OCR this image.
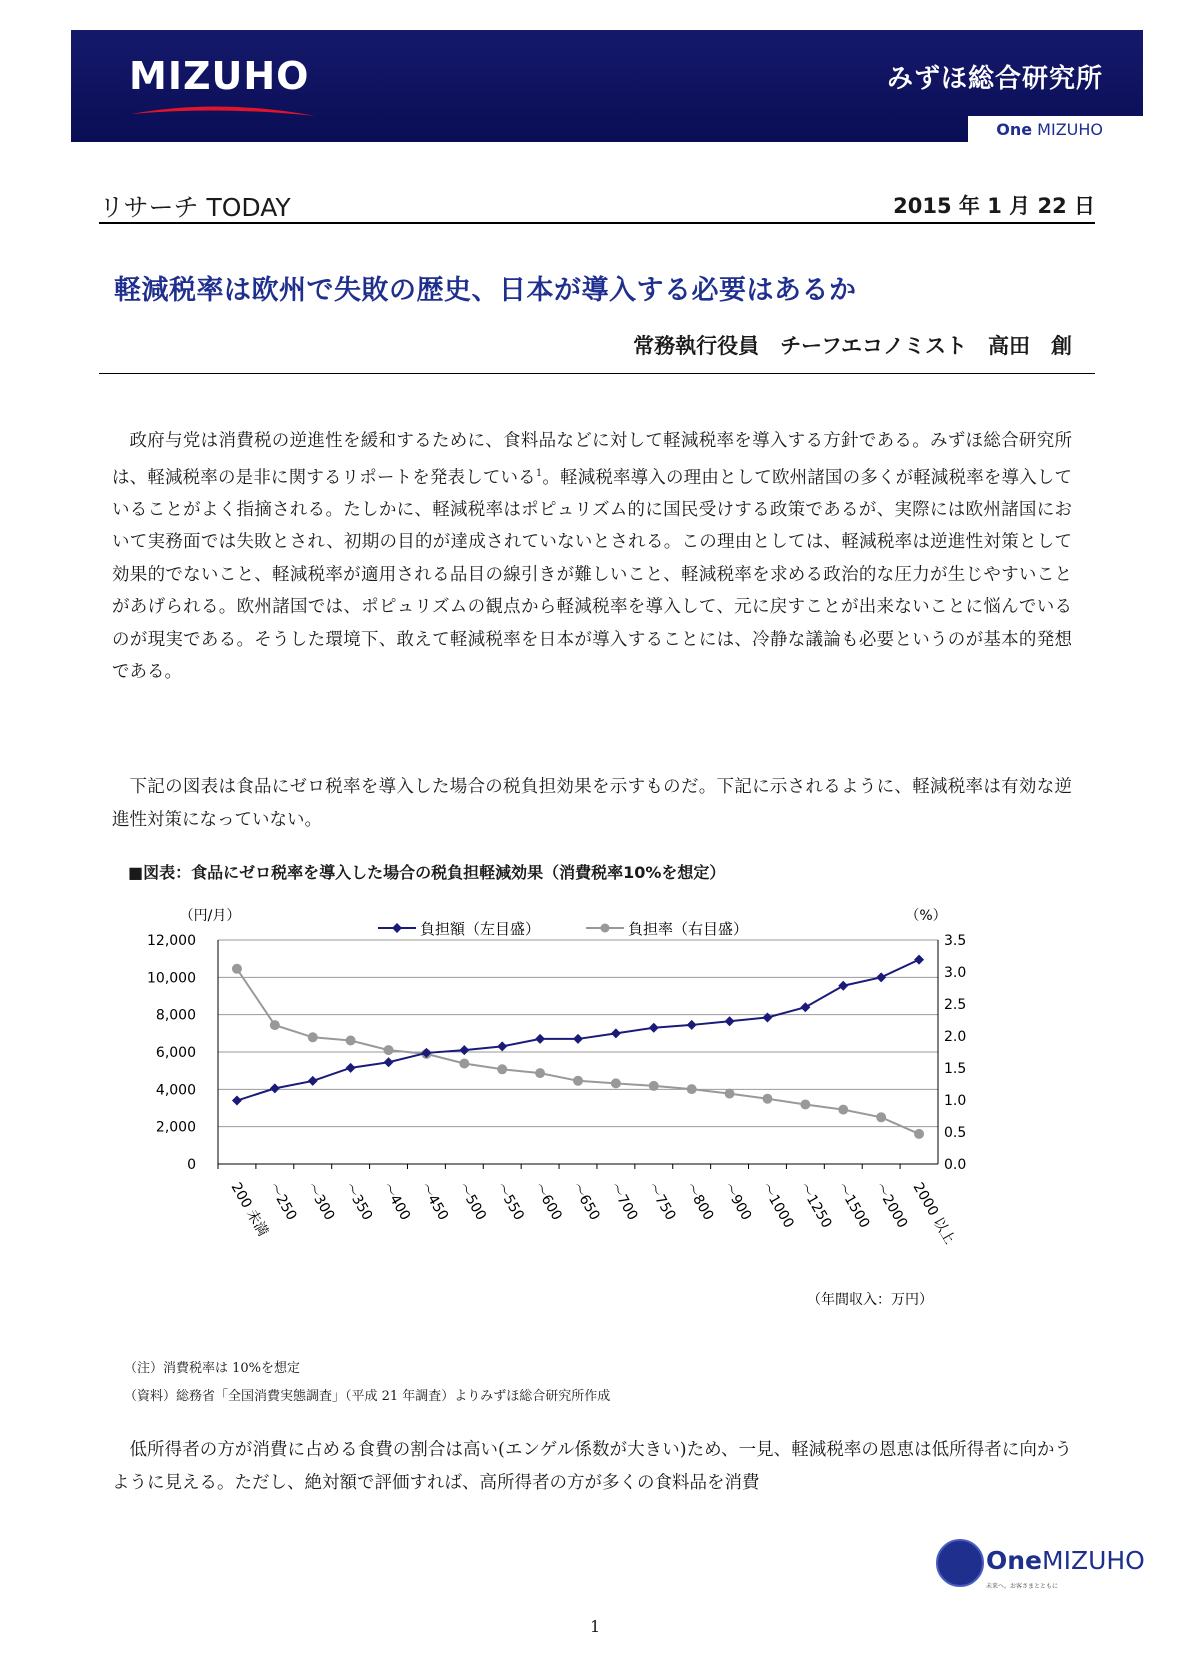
MIZUHO	みずほ総合研究所
One MIZUHO
リサーチ TODAY	2015 年 1 月 22 日
軽減税率は欧州で失敗の歴史、日本が導入する必要はあるか
常務執行役員　チーフエコノミスト　高田　創

政府与党は消費税の逆進性を緩和するために、食料品などに対して軽減税率を導入する方針である。みずほ総合研究所は、軽減税率の是非に関するリポートを発表している$^1$。軽減税率導入の理由として欧州諸国の多くが軽減税率を導入していることがよく指摘される。たしかに、軽減税率はポピュリズム的に国民受けする政策であるが、実際には欧州諸国において実務面では失敗とされ、初期の目的が達成されていないとされる。この理由としては、軽減税率は逆進性対策として効果的でないこと、軽減税率が適用される品目の線引きが難しいこと、軽減税率を求める政治的な圧力が生じやすいことがあげられる。欧州諸国では、ポピュリズムの観点から軽減税率を導入して、元に戻すことが出来ないことに悩んでいるのが現実である。そうした環境下、敢えて軽減税率を日本が導入することには、冷静な議論も必要というのが基本的発想である。

下記の図表は食品にゼロ税率を導入した場合の税負担効果を示すものだ。下記に示されるように、軽減税率は有効な逆進性対策になっていない。

■図表：食品にゼロ税率を導入した場合の税負担軽減効果（消費税率10%を想定）
0
2,000
4,000
6,000
8,000
10,000
12,000
0.0
0.5
1.0
1.5
2.0
2.5
3.0
3.5
200 未満
～250 ～300 ～350 ～400 ～450 ～500 ～550 ～600 ～650 ～700 ～750 ～800 ～900 ～1000 ～1250 ～1500 ～2000 2000 以上
（円/月）	（%）
（年間収入：万円）
負担額（左目盛）	負担率（右目盛）
（注）消費税率は 10%を想定
（資料）総務省「全国消費実態調査」（平成 21 年調査）よりみずほ総合研究所作成

低所得者の方が消費に占める食費の割合は高い(エンゲル係数が大きい)ため、一見、軽減税率の恩恵は低所得者に向かうように見える。ただし、絶対額で評価すれば、高所得者の方が多くの食料品を消費

OneMIZUHO
未来へ。お客さまとともに
1
